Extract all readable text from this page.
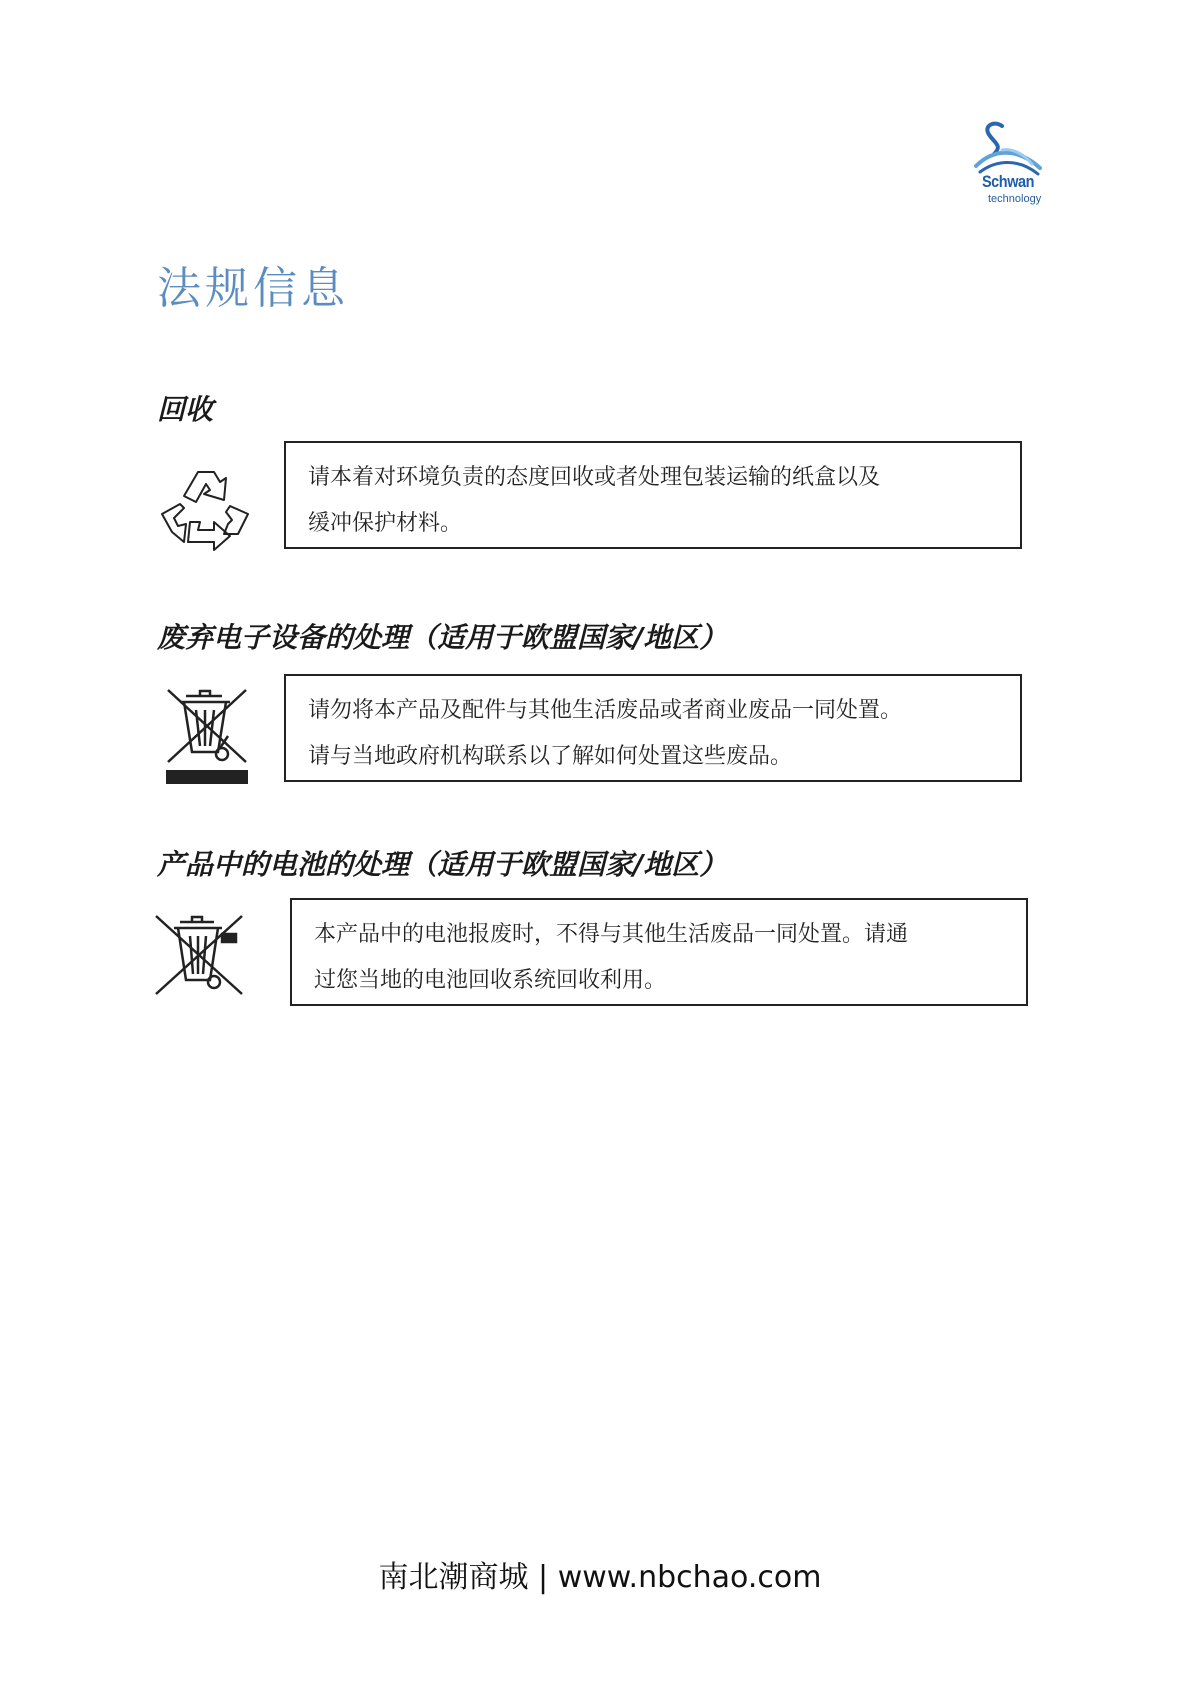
Schwan
technology
法规信息
回收

请本着对环境负责的态度回收或者处理包装运输的纸盒以及

缓冲保护材料。

废弃电子设备的处理（适用于欧盟国家/地区）

请勿将本产品及配件与其他生活废品或者商业废品一同处置。

请与当地政府机构联系以了解如何处置这些废品。

产品中的电池的处理（适用于欧盟国家/地区）

本产品中的电池报废时，不得与其他生活废品一同处置。请通

过您当地的电池回收系统回收利用。

南北潮商城 | www.nbchao.com
